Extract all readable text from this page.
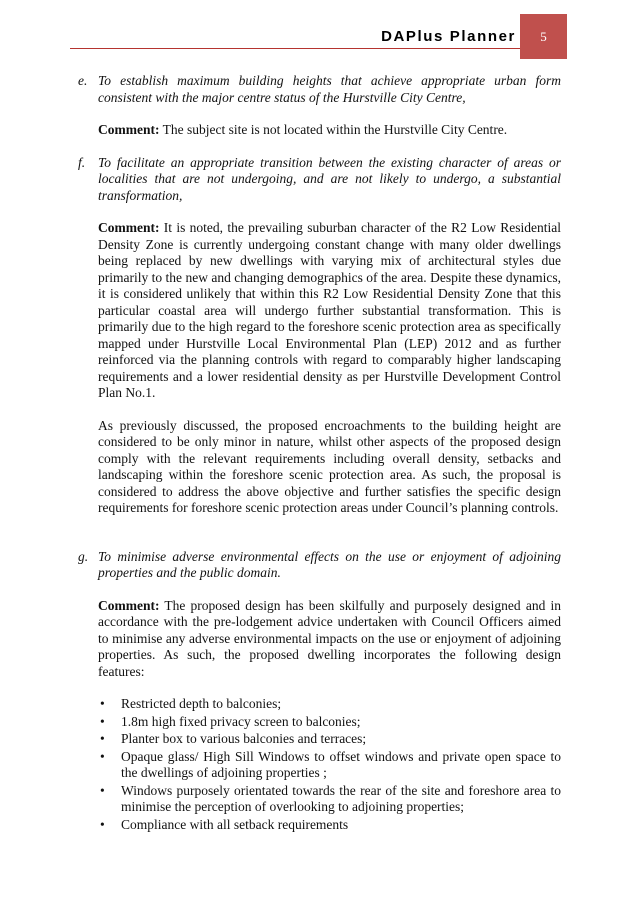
DAPlus Planner 5
e. To establish maximum building heights that achieve appropriate urban form consistent with the major centre status of the Hurstville City Centre,

Comment: The subject site is not located within the Hurstville City Centre.

f. To facilitate an appropriate transition between the existing character of areas or localities that are not undergoing, and are not likely to undergo, a substantial transformation,

Comment: It is noted, the prevailing suburban character of the R2 Low Residential Density Zone is currently undergoing constant change with many older dwellings being replaced by new dwellings with varying mix of architectural styles due primarily to the new and changing demographics of the area. Despite these dynamics, it is considered unlikely that within this R2 Low Residential Density Zone that this particular coastal area will undergo further substantial transformation. This is primarily due to the high regard to the foreshore scenic protection area as specifically mapped under Hurstville Local Environmental Plan (LEP) 2012 and as further reinforced via the planning controls with regard to comparably higher landscaping requirements and a lower residential density as per Hurstville Development Control Plan No.1.

As previously discussed, the proposed encroachments to the building height are considered to be only minor in nature, whilst other aspects of the proposed design comply with the relevant requirements including overall density, setbacks and landscaping within the foreshore scenic protection area. As such, the proposal is considered to address the above objective and further satisfies the specific design requirements for foreshore scenic protection areas under Council’s planning controls.

g. To minimise adverse environmental effects on the use or enjoyment of adjoining properties and the public domain.

Comment: The proposed design has been skilfully and purposely designed and in accordance with the pre-lodgement advice undertaken with Council Officers aimed to minimise any adverse environmental impacts on the use or enjoyment of adjoining properties. As such, the proposed dwelling incorporates the following design features:

• Restricted depth to balconies;
• 1.8m high fixed privacy screen to balconies;
• Planter box to various balconies and terraces;
• Opaque glass/ High Sill Windows to offset windows and private open space to the dwellings of adjoining properties ;
• Windows purposely orientated towards the rear of the site and foreshore area to minimise the perception of overlooking to adjoining properties;
• Compliance with all setback requirements
